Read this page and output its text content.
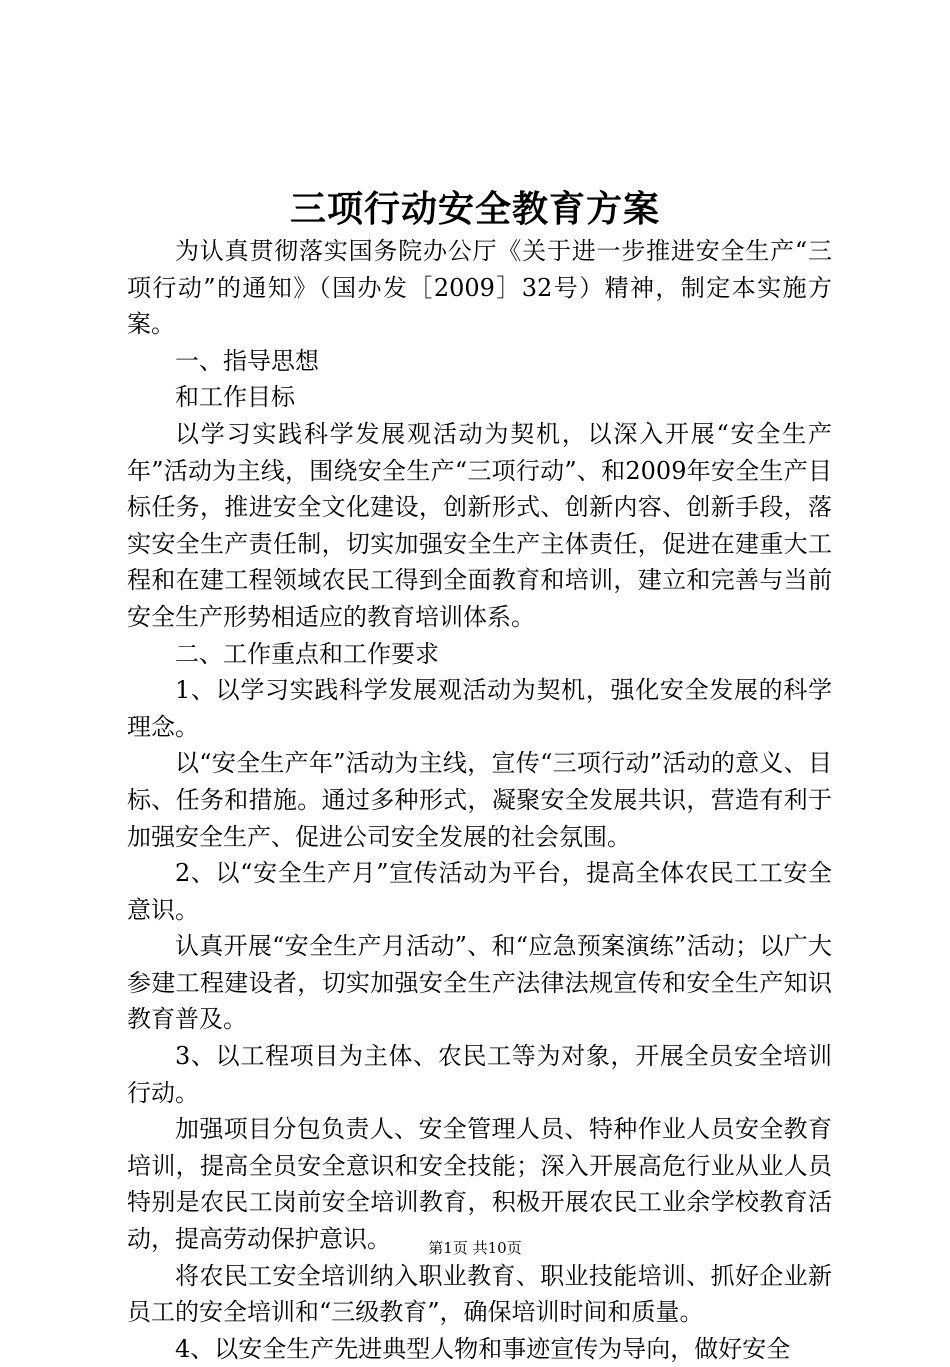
三项行动安全教育方案

为认真贯彻落实国务院办公厅《关于进一步推进安全生产“三项行动”的通知》（国办发［2009］32号）精神，制定本实施方案。

一、指导思想

和工作目标

以学习实践科学发展观活动为契机，以深入开展“安全生产年”活动为主线，围绕安全生产“三项行动”、和2009年安全生产目标任务，推进安全文化建设，创新形式、创新内容、创新手段，落实安全生产责任制，切实加强安全生产主体责任，促进在建重大工程和在建工程领域农民工得到全面教育和培训，建立和完善与当前安全生产形势相适应的教育培训体系。

二、工作重点和工作要求

1、以学习实践科学发展观活动为契机，强化安全发展的科学理念。

以“安全生产年”活动为主线，宣传“三项行动”活动的意义、目标、任务和措施。通过多种形式，凝聚安全发展共识，营造有利于加强安全生产、促进公司安全发展的社会氛围。

2、以“安全生产月”宣传活动为平台，提高全体农民工工安全意识。

认真开展“安全生产月活动”、和“应急预案演练”活动；以广大参建工程建设者，切实加强安全生产法律法规宣传和安全生产知识教育普及。

3、以工程项目为主体、农民工等为对象，开展全员安全培训行动。

加强项目分包负责人、安全管理人员、特种作业人员安全教育培训，提高全员安全意识和安全技能；深入开展高危行业从业人员特别是农民工岗前安全培训教育，积极开展农民工业余学校教育活动，提高劳动保护意识。

将农民工安全培训纳入职业教育、职业技能培训、抓好企业新员工的安全培训和“三级教育”，确保培训时间和质量。

4、以安全生产先进典型人物和事迹宣传为导向，做好安全

第1页 共10页
